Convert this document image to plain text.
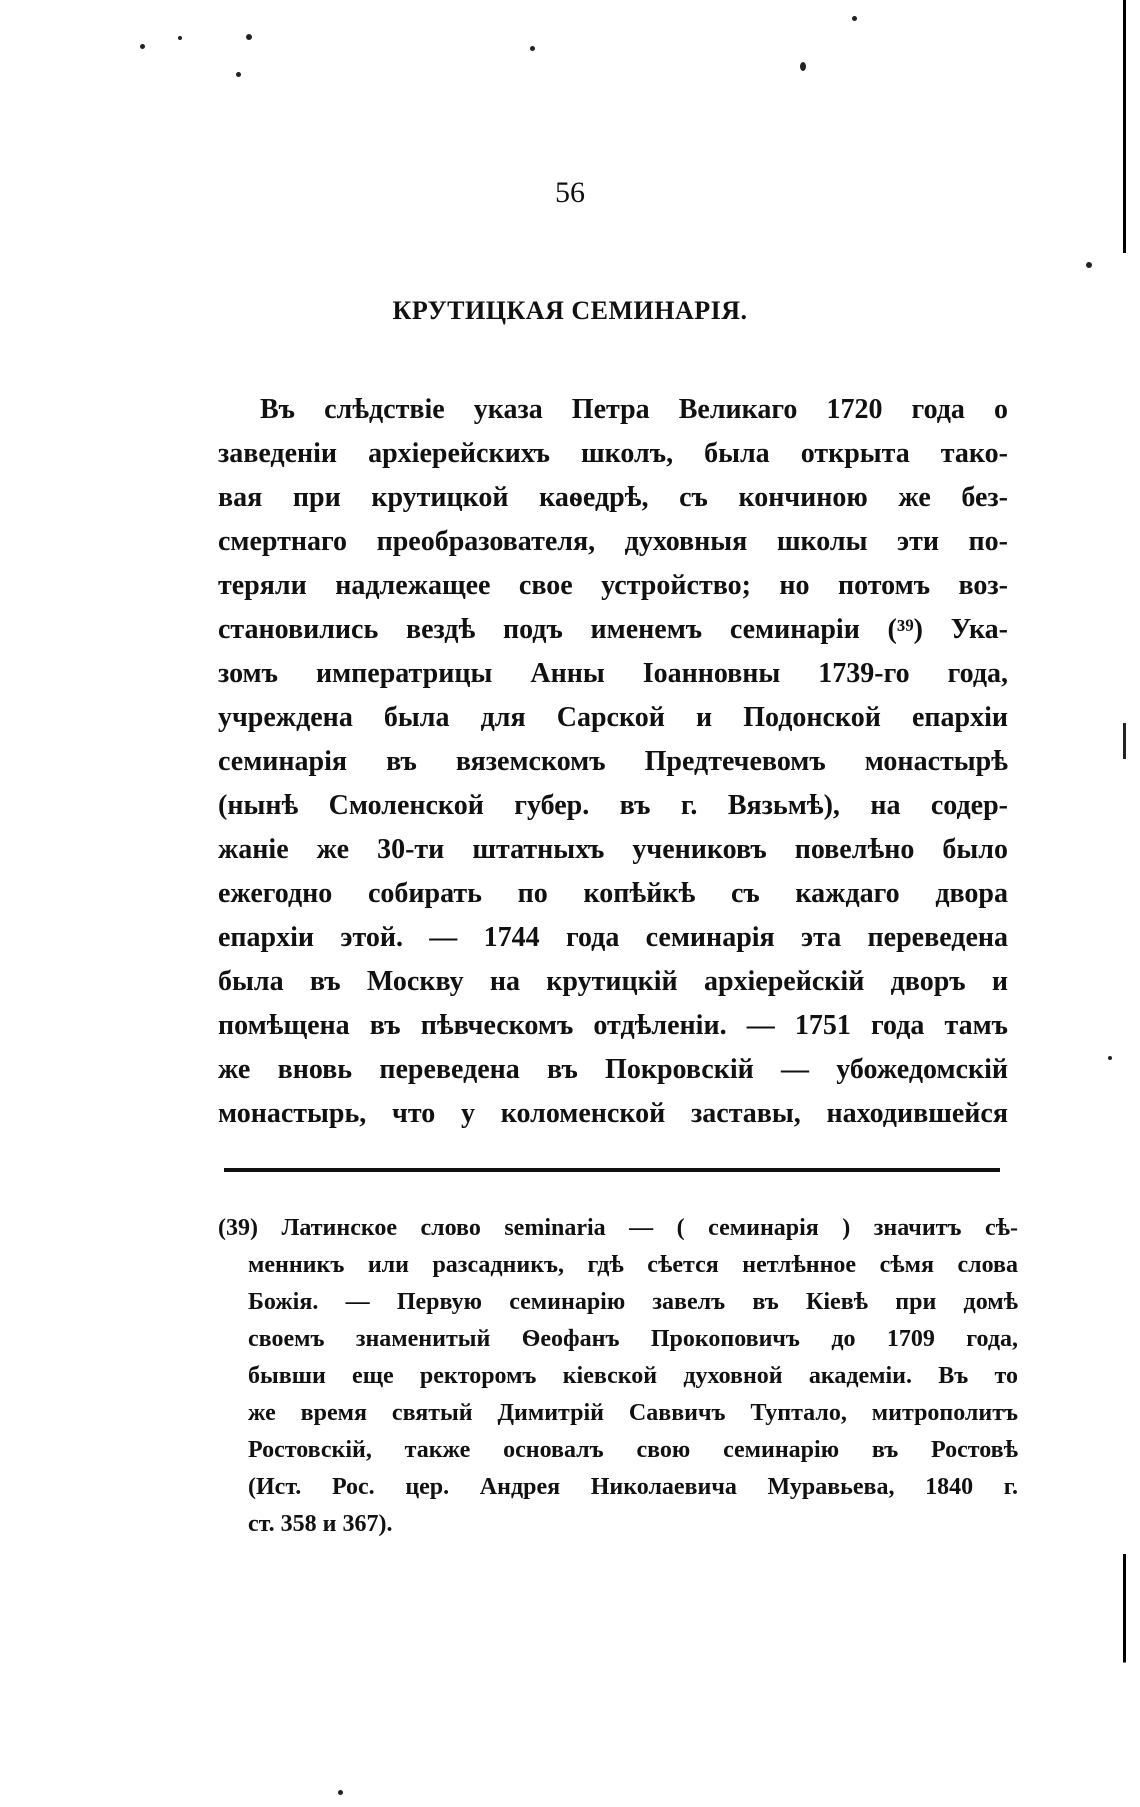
56
КРУТИЦКАЯ СЕМИНАРІЯ.
Въ слѣдствіе указа Петра Великаго 1720 года о
заведеніи архіерейскихъ школъ, была открыта тако-
вая при крутицкой каѳедрѣ, съ кончиною же без-
смертнаго преобразователя, духовныя школы эти по-
теряли надлежащее свое устройство; но потомъ воз-
становились вездѣ подъ именемъ семинаріи (³⁹) Ука-
зомъ императрицы Анны Іоанновны 1739-го года,
учреждена была для Сарской и Подонской епархіи
семинарія въ вяземскомъ Предтечевомъ монастырѣ
(нынѣ Смоленской губер. въ г. Вязьмѣ), на содер-
жаніе же 30-ти штатныхъ учениковъ повелѣно было
ежегодно собирать по копѣйкѣ съ каждаго двора
епархіи этой. — 1744 года семинарія эта переведена
была въ Москву на крутицкій архіерейскій дворъ и
помѣщена въ пѣвческомъ отдѣленіи. — 1751 года тамъ
же вновь переведена въ Покровскій — убожедомскій
монастырь, что у коломенской заставы, находившейся
(39) Латинское слово seminaria — ( семинарія ) значитъ сѣ-
менникъ или разсадникъ, гдѣ сѣется нетлѣнное сѣмя слова
Божія. — Первую семинарію завелъ въ Кіевѣ при домѣ
своемъ знаменитый Ѳеофанъ Прокоповичъ до 1709 года,
бывши еще ректоромъ кіевской духовной академіи. Въ то
же время святый Димитрій Саввичъ Туптало, митрополитъ
Ростовскій, также основалъ свою семинарію въ Ростовѣ
(Ист. Рос. цер. Андрея Николаевича Муравьева, 1840 г.
ст. 358 и 367).
